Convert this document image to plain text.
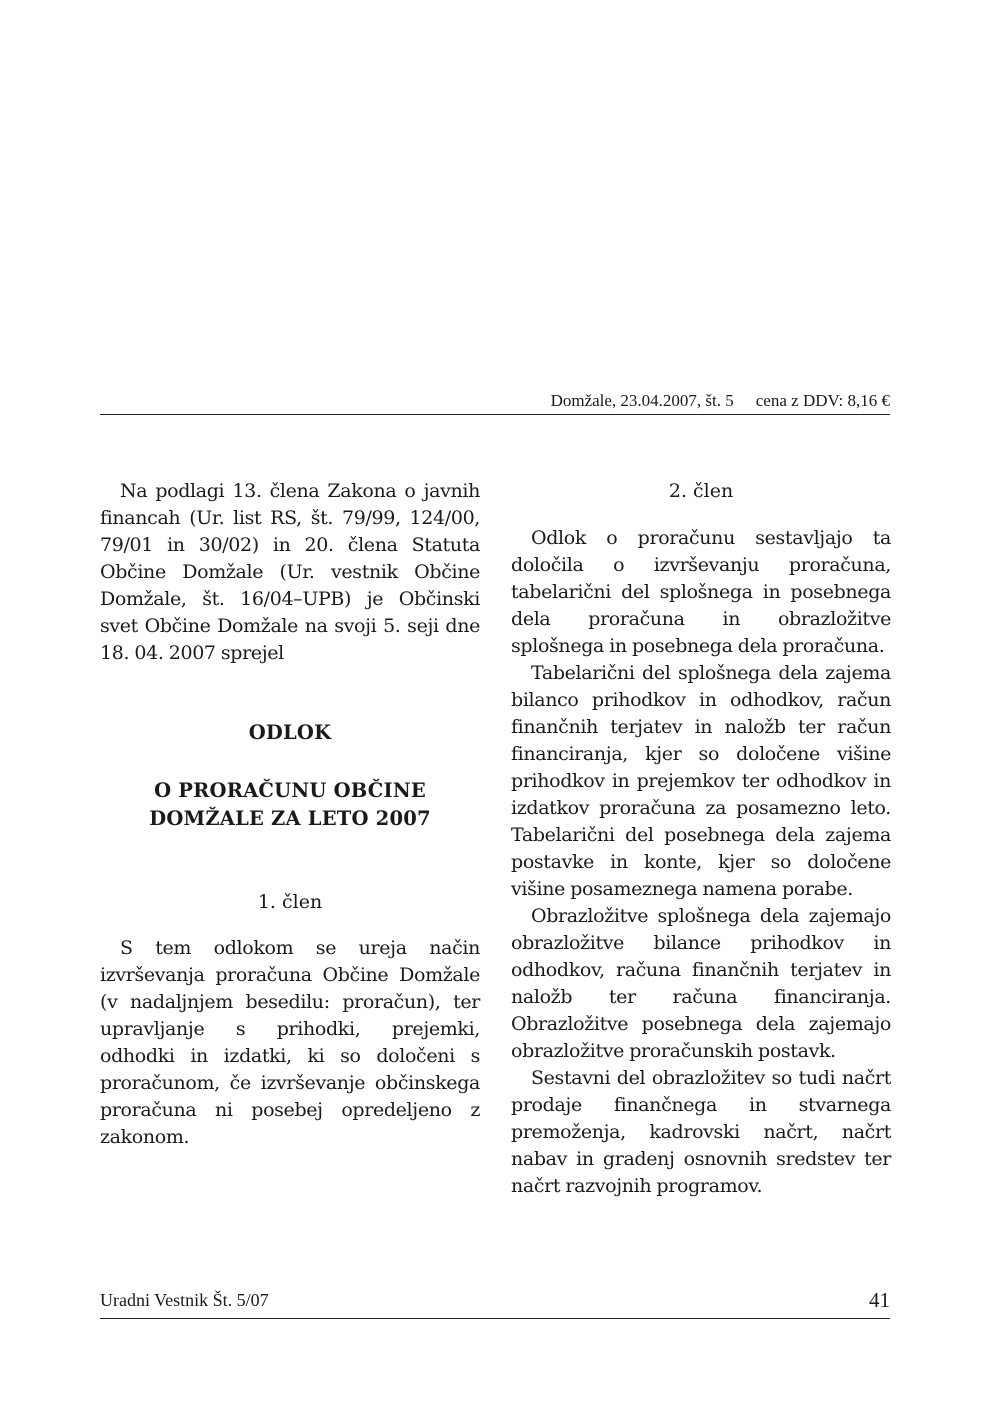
Domžale, 23.04.2007, št. 5 cena z DDV: 8,16 €

Na podlagi 13. člena Zakona o javnih financah (Ur. list RS, št. 79/99, 124/00, 79/01 in 30/02) in 20. člena Statuta Občine Domžale (Ur. vestnik Občine Domžale, št. 16/04–UPB) je Občinski svet Občine Domžale na svoji 5. seji dne 18. 04. 2007 sprejel

ODLOK
O PRORAČUNU OBČINE
DOMŽALE ZA LETO 2007
1. člen

S tem odlokom se ureja način izvrševanja proračuna Občine Domžale (v nadaljnjem besedilu: proračun), ter upravljanje s prihodki, prejemki, odhodki in izdatki, ki so določeni s proračunom, če izvrševanje občinskega proračuna ni posebej opredeljeno z zakonom.

2. člen

Odlok o proračunu sestavljajo ta določila o izvrševanju proračuna, tabelarični del splošnega in posebnega dela proračuna in obrazložitve splošnega in posebnega dela proračuna.

Tabelarični del splošnega dela zajema bilanco prihodkov in odhodkov, račun finančnih terjatev in naložb ter račun financiranja, kjer so določene višine prihodkov in prejemkov ter odhodkov in izdatkov proračuna za posamezno leto. Tabelarični del posebnega dela zajema postavke in konte, kjer so določene višine posameznega namena porabe.

Obrazložitve splošnega dela zajemajo obrazložitve bilance prihodkov in odhodkov, računa finančnih terjatev in naložb ter računa financiranja. Obrazložitve posebnega dela zajemajo obrazložitve proračunskih postavk.

Sestavni del obrazložitev so tudi načrt prodaje finančnega in stvarnega premoženja, kadrovski načrt, načrt nabav in gradenj osnovnih sredstev ter načrt razvojnih programov.

Uradni Vestnik Št. 5/07	41
